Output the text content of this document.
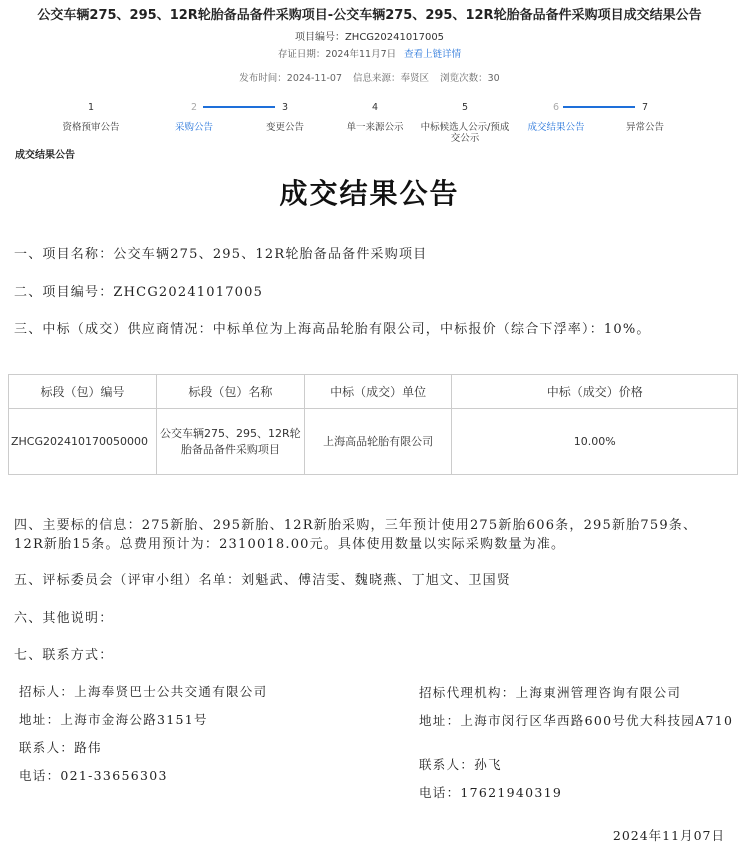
公交车辆275、295、12R轮胎备品备件采购项目-公交车辆275、295、12R轮胎备品备件采购项目成交结果公告
项目编号：ZHCG20241017005
存证日期：2024年11月7日 查看上链详情
发布时间：2024-11-07 信息来源：奉贤区 浏览次数：30
1
资格预审公告
2
采购公告
3
变更公告
4
单一来源公示
5
中标候选人公示/预成交公示
6
成交结果公告
7
异常公告
成交结果公告
成交结果公告
一、项目名称：公交车辆275、295、12R轮胎备品备件采购项目
二、项目编号：ZHCG20241017005
三、中标（成交）供应商情况：中标单位为上海高品轮胎有限公司，中标报价（综合下浮率）：10%。
标段（包）编号	标段（包）名称	中标（成交）单位	中标（成交）价格
ZHCG202410170050000	公交车辆275、295、12R轮胎备品备件采购项目	上海高品轮胎有限公司	10.00%
四、主要标的信息：275新胎、295新胎、12R新胎采购，三年预计使用275新胎606条，295新胎759条、12R新胎15条。总费用预计为：2310018.00元。具体使用数量以实际采购数量为准。
五、评标委员会（评审小组）名单：刘魁武、傅洁雯、魏晓燕、丁旭文、卫国贤
六、其他说明：
七、联系方式：
招标人：上海奉贤巴士公共交通有限公司
地址：上海市金海公路3151号
联系人：路伟
电话：021-33656303
招标代理机构：上海東洲管理咨询有限公司
地址：上海市闵行区华西路600号优大科技园A710
联系人：孙飞
电话：17621940319
2024年11月07日
